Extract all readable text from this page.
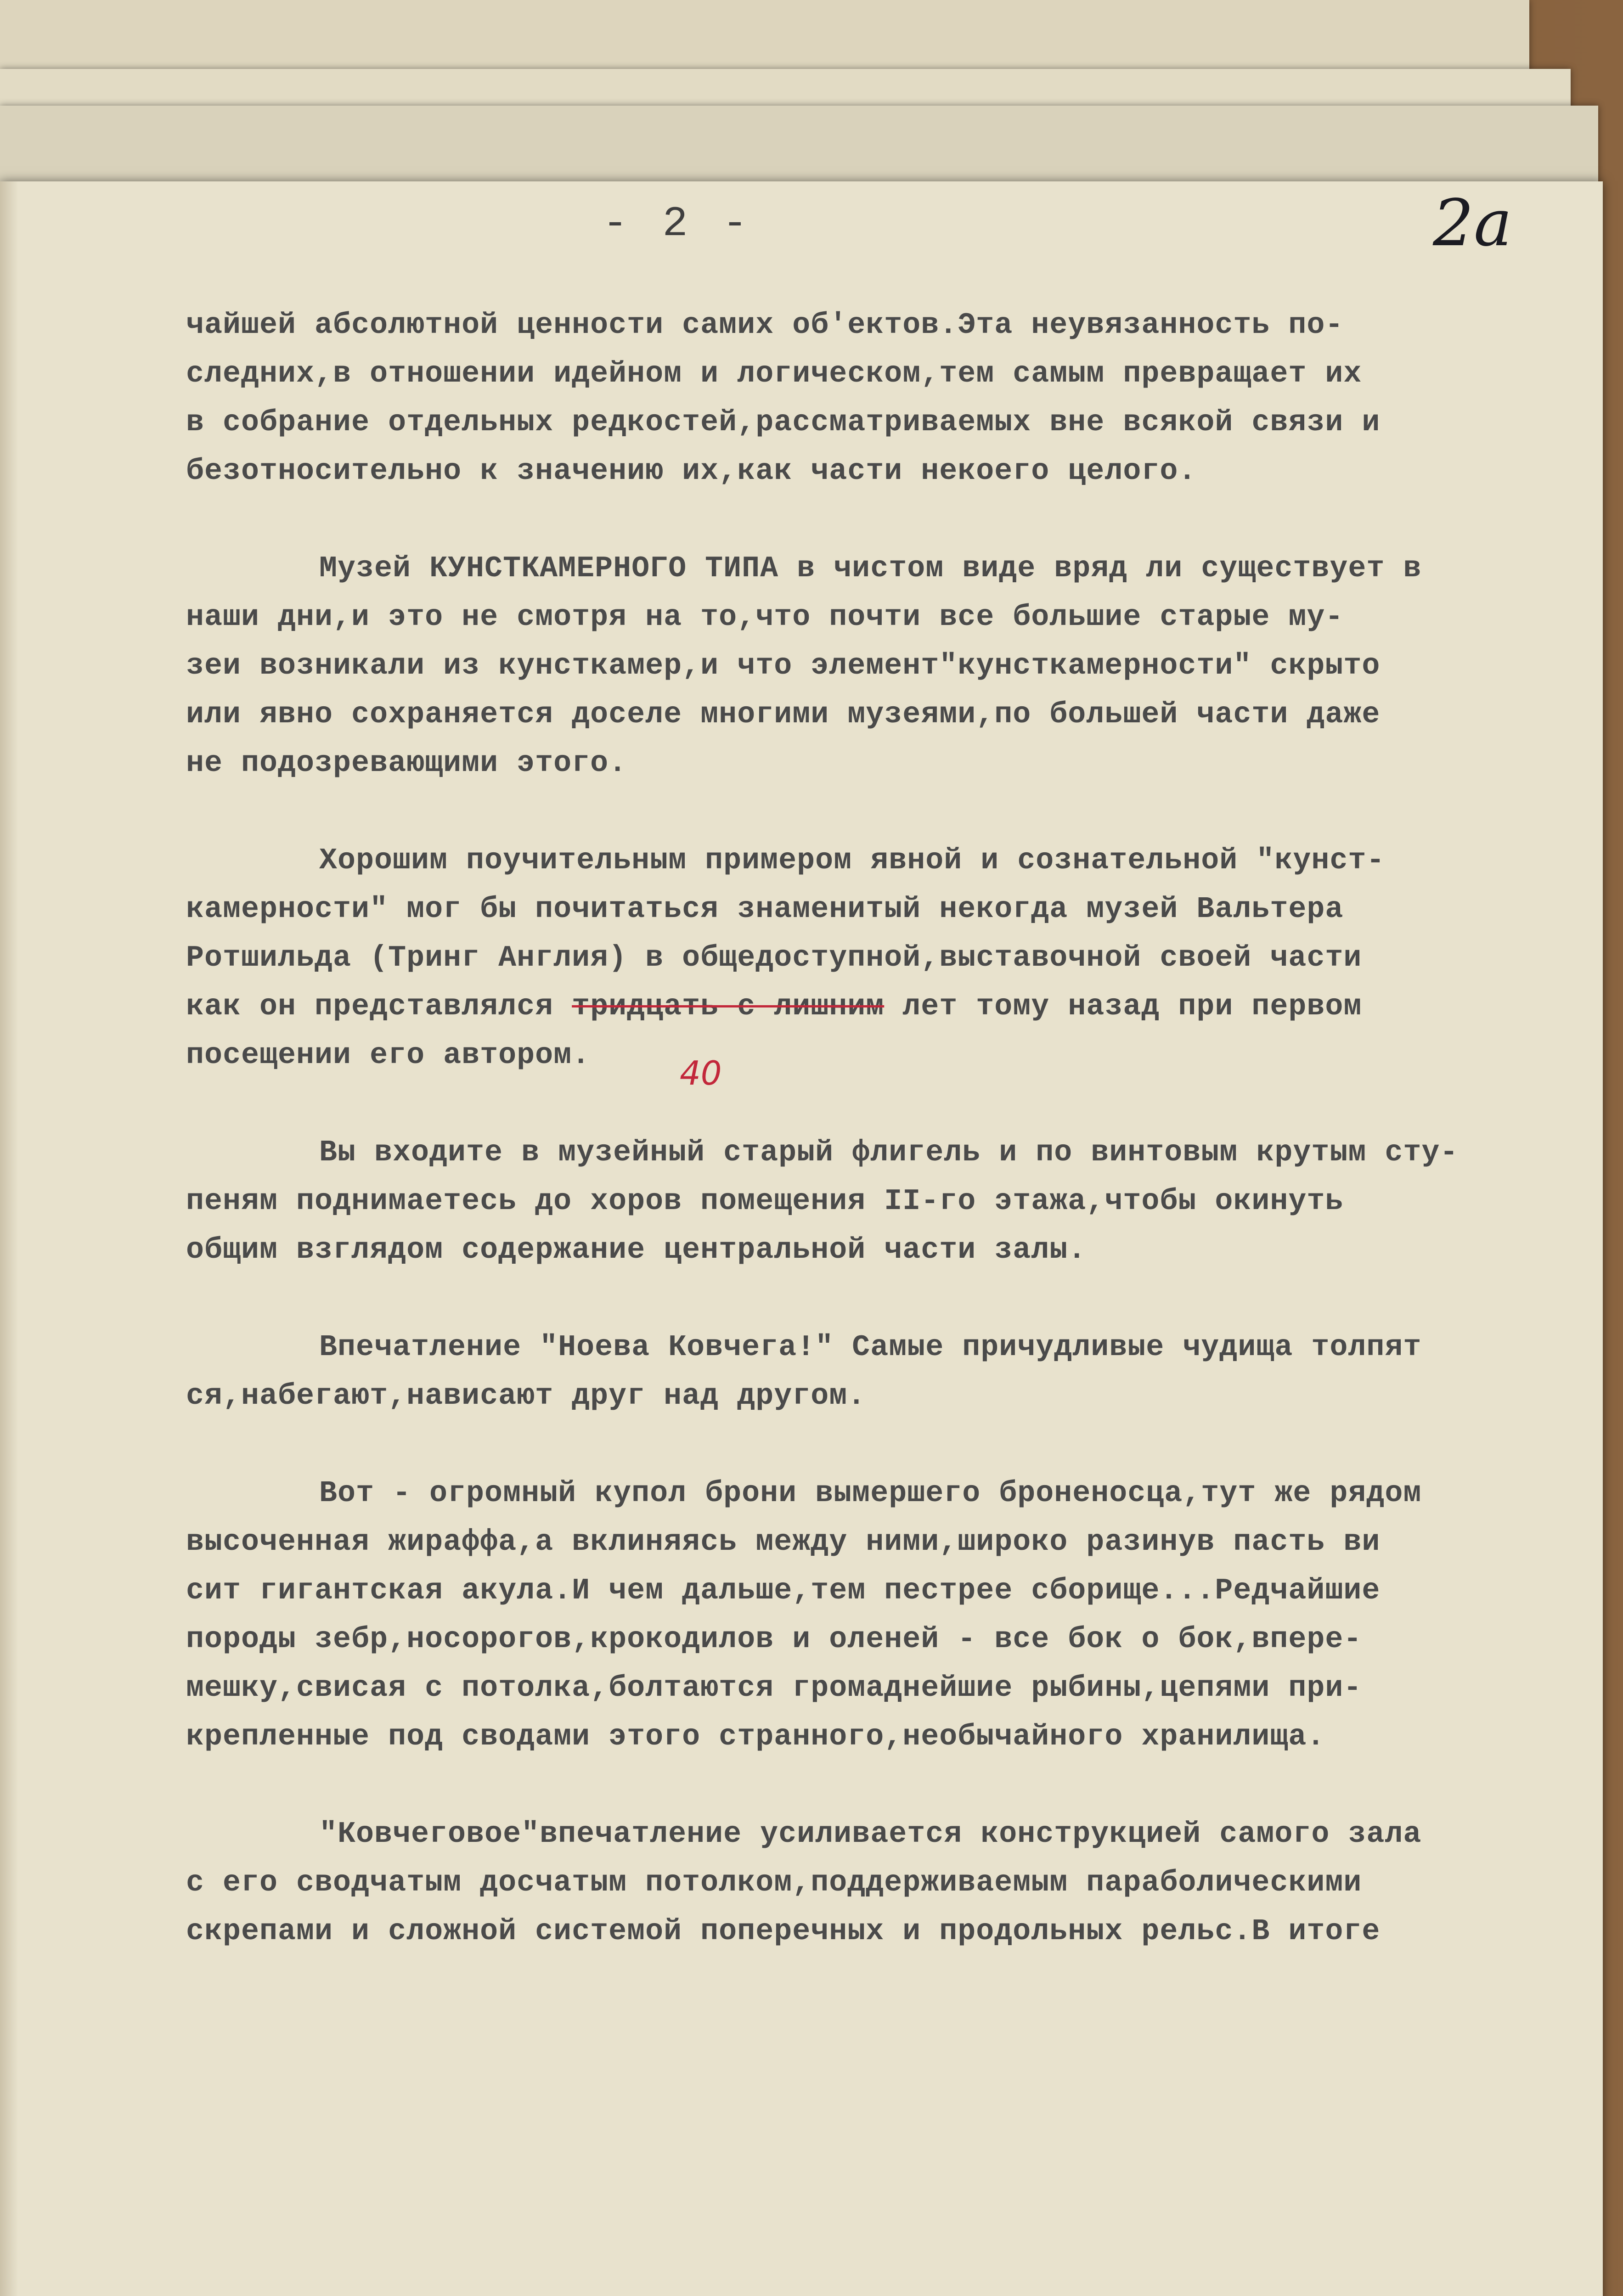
- 2 -	2а
40
чайшей абсолютной ценности самих об'ектов.Эта неувязанность по-
следних,в отношении идейном и логическом,тем самым превращает их
в собрание отдельных редкостей,рассматриваемых вне всякой связи и
безотносительно к значению их,как части некоего целого.
Музей КУНСТКАМЕРНОГО ТИПА в чистом виде вряд ли существует в
наши дни,и это не смотря на то,что почти все большие старые му-
зеи возникали из кунсткамер,и что элемент"кунсткамерности" скрыто
или явно сохраняется доселе многими музеями,по большей части даже
не подозревающими этого.
Хорошим поучительным примером явной и сознательной "кунст-
камерности" мог бы почитаться знаменитый некогда музей Вальтера
Ротшильда (Тринг Англия) в общедоступной,выставочной своей части
как он представлялся тридцать с лишним лет тому назад при первом
посещении его автором.
Вы входите в музейный старый флигель и по винтовым крутым сту-
пеням поднимаетесь до хоров помещения II-го этажа,чтобы окинуть
общим взглядом содержание центральной части залы.
Впечатление "Ноева Ковчега!" Самые причудливые чудища толпят
ся,набегают,нависают друг над другом.
Вот - огромный купол брони вымершего броненосца,тут же рядом
высоченная жираффа,а вклиняясь между ними,широко разинув пасть ви
сит гигантская акула.И чем дальше,тем пестрее сборище...Редчайшие
породы зебр,носорогов,крокодилов и оленей - все бок о бок,впере-
мешку,свисая с потолка,болтаются громаднейшие рыбины,цепями при-
крепленные под сводами этого странного,необычайного хранилища.
"Ковчеговое"впечатление усиливается конструкцией самого зала
с его сводчатым досчатым потолком,поддерживаемым параболическими
скрепами и сложной системой поперечных и продольных рельс.В итоге
